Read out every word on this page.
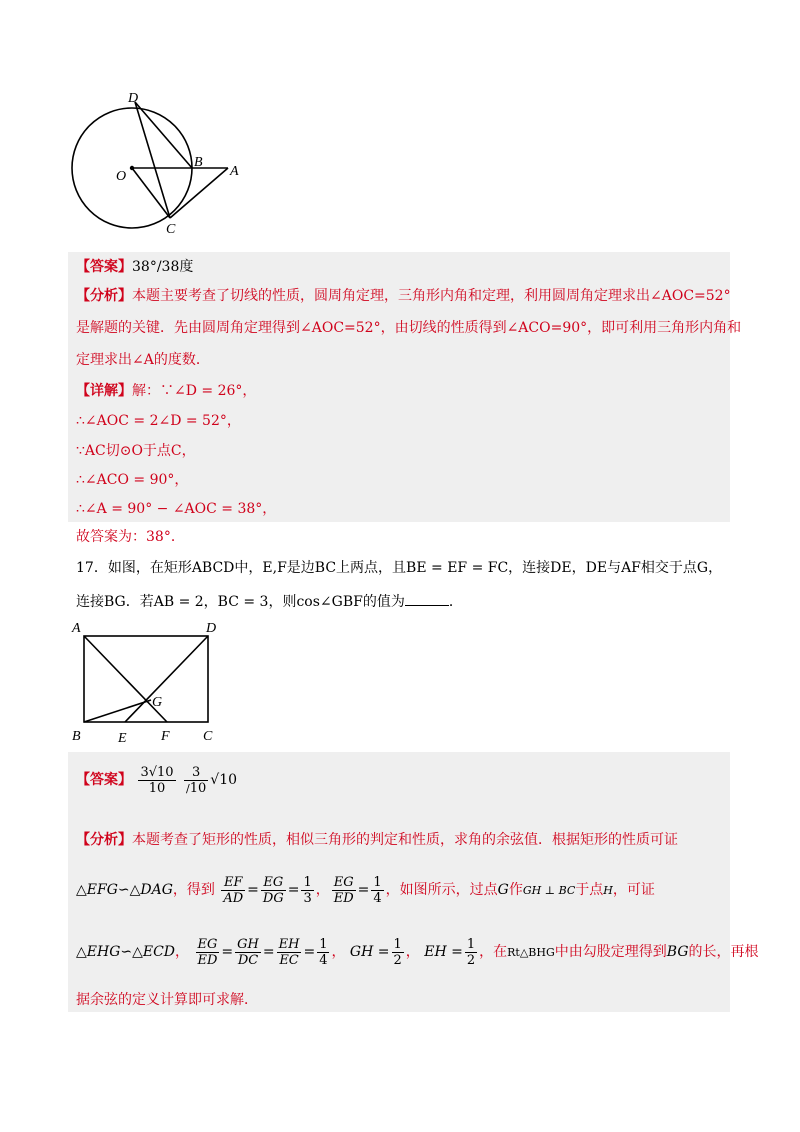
D
O
B
A
C
【答案】38°/38度
【分析】本题主要考查了切线的性质，圆周角定理，三角形内角和定理，利用圆周角定理求出∠AOC=52°
是解题的关键．先由圆周角定理得到∠AOC=52°，由切线的性质得到∠ACO=90°，即可利用三角形内角和
定理求出∠A的度数．
【详解】解：∵∠D = 26°，
∴∠AOC = 2∠D = 52°，
∵AC切⊙O于点C，
∴∠ACO = 90°，
∴∠A = 90° − ∠AOC = 38°，
故答案为：38°．
17．如图，在矩形ABCD中，E,F是边BC上两点，且BE = EF = FC，连接DE，DE与AF相交于点G，
连接BG．若AB = 2，BC = 3，则cos∠GBF的值为	．
A	D
B	E F C
G
【答案】 $\frac{3√10}{10}$
$\frac{3}{/10} √10$
【分析】本题考查了矩形的性质，相似三角形的判定和性质，求角的余弦值．根据矩形的性质可证
△EFG∽△DAG，得到 $\frac{EF}{AD} = \frac{EG}{DG} = \frac{1}{3}$ ， $\frac{EG}{ED} = \frac{1}{4}$ ，如图所示，过点G作GH ⊥ BC于点H，可证
△EHG∽△ECD， $\frac{EG}{ED} = \frac{GH}{DC} = \frac{EH}{EC} = \frac{1}{4}$ ， GH = $\frac{1}{2}$ ， EH = $\frac{1}{2}$ ，在Rt△BHG中由勾股定理得到BG的长，再根
据余弦的定义计算即可求解．
